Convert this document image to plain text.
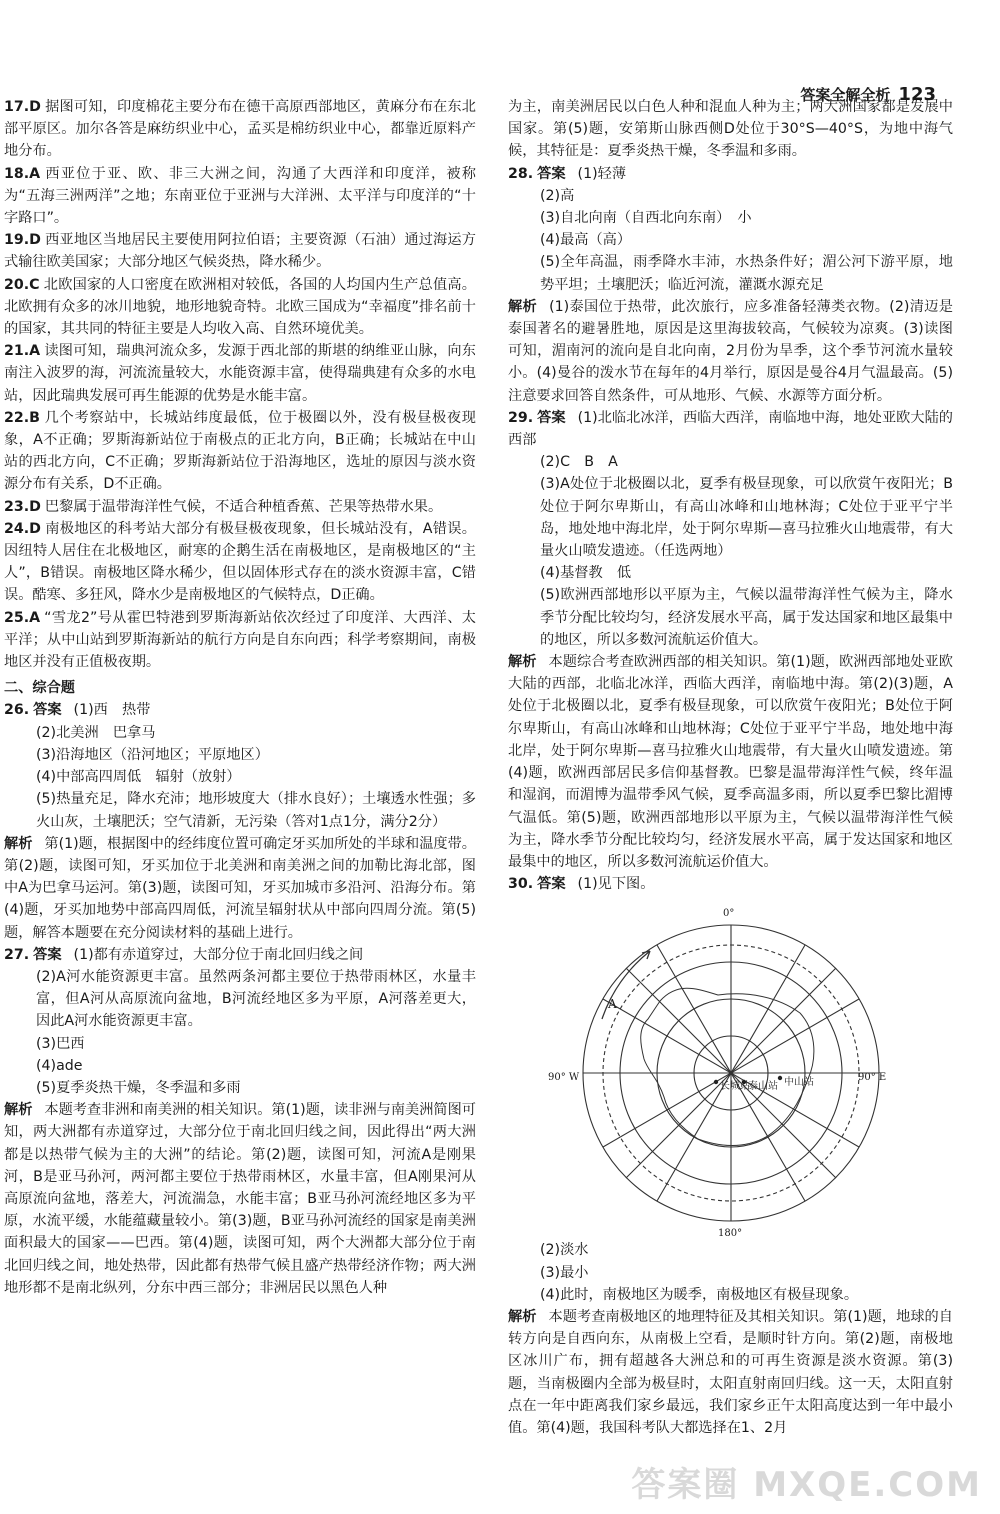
答案全解全析 123

17.D 据图可知，印度棉花主要分布在德干高原西部地区，黄麻分布在东北部平原区。加尔各答是麻纺织业中心，孟买是棉纺织业中心，都靠近原料产地分布。

18.A 西亚位于亚、欧、非三大洲之间，沟通了大西洋和印度洋，被称为“五海三洲两洋”之地；东南亚位于亚洲与大洋洲、太平洋与印度洋的“十字路口”。

19.D 西亚地区当地居民主要使用阿拉伯语；主要资源（石油）通过海运方式输往欧美国家；大部分地区气候炎热，降水稀少。

20.C 北欧国家的人口密度在欧洲相对较低，各国的人均国内生产总值高。北欧拥有众多的冰川地貌，地形地貌奇特。北欧三国成为“幸福度”排名前十的国家，其共同的特征主要是人均收入高、自然环境优美。

21.A 读图可知，瑞典河流众多，发源于西北部的斯堪的纳维亚山脉，向东南注入波罗的海，河流流量较大，水能资源丰富，使得瑞典建有众多的水电站，因此瑞典发展可再生能源的优势是水能丰富。

22.B 几个考察站中，长城站纬度最低，位于极圈以外，没有极昼极夜现象，A不正确；罗斯海新站位于南极点的正北方向，B正确；长城站在中山站的西北方向，C不正确；罗斯海新站位于沿海地区，选址的原因与淡水资源分布有关系，D不正确。

23.D 巴黎属于温带海洋性气候，不适合种植香蕉、芒果等热带水果。

24.D 南极地区的科考站大部分有极昼极夜现象，但长城站没有，A错误。因纽特人居住在北极地区，耐寒的企鹅生活在南极地区，是南极地区的“主人”，B错误。南极地区降水稀少，但以固体形式存在的淡水资源丰富，C错误。酷寒、多狂风，降水少是南极地区的气候特点，D正确。

25.A “雪龙2”号从霍巴特港到罗斯海新站依次经过了印度洋、大西洋、太平洋；从中山站到罗斯海新站的航行方向是自东向西；科学考察期间，南极地区并没有正值极夜期。

二、综合题

26. 答案 (1)西　热带

(2)北美洲　巴拿马

(3)沿海地区（沿河地区；平原地区）

(4)中部高四周低　辐射（放射）

(5)热量充足，降水充沛；地形坡度大（排水良好）；土壤透水性强；多火山灰，土壤肥沃；空气清新，无污染（答对1点1分，满分2分）

解析 第(1)题，根据图中的经纬度位置可确定牙买加所处的半球和温度带。第(2)题，读图可知，牙买加位于北美洲和南美洲之间的加勒比海北部，图中A为巴拿马运河。第(3)题，读图可知，牙买加城市多沿河、沿海分布。第(4)题，牙买加地势中部高四周低，河流呈辐射状从中部向四周分流。第(5)题，解答本题要在充分阅读材料的基础上进行。

27. 答案 (1)都有赤道穿过，大部分位于南北回归线之间

(2)A河水能资源更丰富。虽然两条河都主要位于热带雨林区，水量丰富，但A河从高原流向盆地，B河流经地区多为平原，A河落差更大，因此A河水能资源更丰富。

(3)巴西

(4)ade

(5)夏季炎热干燥，冬季温和多雨

解析 本题考查非洲和南美洲的相关知识。第(1)题，读非洲与南美洲简图可知，两大洲都有赤道穿过，大部分位于南北回归线之间，因此得出“两大洲都是以热带气候为主的大洲”的结论。第(2)题，读图可知，河流A是刚果河，B是亚马孙河，两河都主要位于热带雨林区，水量丰富，但A刚果河从高原流向盆地，落差大，河流湍急，水能丰富；B亚马孙河流经地区多为平原，水流平缓，水能蕴藏量较小。第(3)题，B亚马孙河流经的国家是南美洲面积最大的国家——巴西。第(4)题，读图可知，两个大洲都大部分位于南北回归线之间，地处热带，因此都有热带气候且盛产热带经济作物；两大洲地形都不是南北纵列，分东中西三部分；非洲居民以黑色人种

为主，南美洲居民以白色人种和混血人种为主；两大洲国家都是发展中国家。第(5)题，安第斯山脉西侧D处位于30°S—40°S，为地中海气候，其特征是：夏季炎热干燥，冬季温和多雨。

28. 答案 (1)轻薄

(2)高

(3)自北向南（自西北向东南）　小

(4)最高（高）

(5)全年高温，雨季降水丰沛，水热条件好；湄公河下游平原，地势平坦；土壤肥沃；临近河流，灌溉水源充足

解析 (1)泰国位于热带，此次旅行，应多准备轻薄类衣物。(2)清迈是泰国著名的避暑胜地，原因是这里海拔较高，气候较为凉爽。(3)读图可知，湄南河的流向是自北向南，2月份为旱季，这个季节河流水量较小。(4)曼谷的泼水节在每年的4月举行，原因是曼谷4月气温最高。(5)注意要求回答自然条件，可从地形、气候、水源等方面分析。

29. 答案 (1)北临北冰洋，西临大西洋，南临地中海，地处亚欧大陆的西部

(2)C　B　A

(3)A处位于北极圈以北，夏季有极昼现象，可以欣赏午夜阳光；B处位于阿尔卑斯山，有高山冰峰和山地林海；C处位于亚平宁半岛，地处地中海北岸，处于阿尔卑斯—喜马拉雅火山地震带，有大量火山喷发遗迹。（任选两地）

(4)基督教　低

(5)欧洲西部地形以平原为主，气候以温带海洋性气候为主，降水季节分配比较均匀，经济发展水平高，属于发达国家和地区最集中的地区，所以多数河流航运价值大。

解析 本题综合考查欧洲西部的相关知识。第(1)题，欧洲西部地处亚欧大陆的西部，北临北冰洋，西临大西洋，南临地中海。第(2)(3)题，A处位于北极圈以北，夏季有极昼现象，可以欣赏午夜阳光；B处位于阿尔卑斯山，有高山冰峰和山地林海；C处位于亚平宁半岛，地处地中海北岸，处于阿尔卑斯—喜马拉雅火山地震带，有大量火山喷发遗迹。第(4)题，欧洲西部居民多信仰基督教。巴黎是温带海洋性气候，终年温和湿润，而湄博为温带季风气候，夏季高温多雨，所以夏季巴黎比湄博气温低。第(5)题，欧洲西部地形以平原为主，气候以温带海洋性气候为主，降水季节分配比较均匀，经济发展水平高，属于发达国家和地区最集中的地区，所以多数河流航运价值大。

30. 答案 (1)见下图。

0°
180°
90° W	90° E
A
长城站
泰山站 中山站

(2)淡水

(3)最小

(4)此时，南极地区为暖季，南极地区有极昼现象。

解析 本题考查南极地区的地理特征及其相关知识。第(1)题，地球的自转方向是自西向东，从南极上空看，是顺时针方向。第(2)题，南极地区冰川广布，拥有超越各大洲总和的可再生资源是淡水资源。第(3)题，当南极圈内全部为极昼时，太阳直射南回归线。这一天，太阳直射点在一年中距离我们家乡最远，我们家乡正午太阳高度达到一年中最小值。第(4)题，我国科考队大都选择在1、2月

答案圈 MXQE.COM
